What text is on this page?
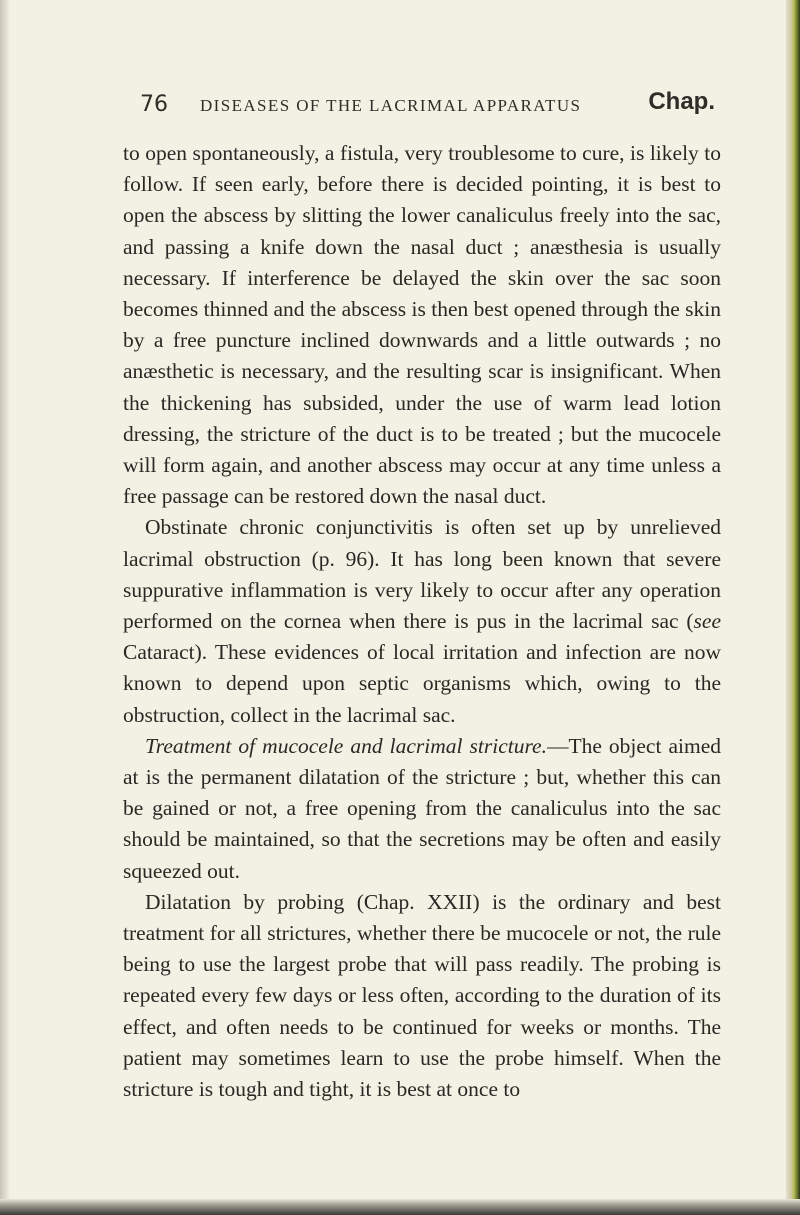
76 DISEASES OF THE LACRIMAL APPARATUS	Chap.

to open spontaneously, a fistula, very troublesome to cure, is likely to follow. If seen early, before there is decided pointing, it is best to open the abscess by slitting the lower canaliculus freely into the sac, and passing a knife down the nasal duct ; anæsthesia is usually necessary. If interference be delayed the skin over the sac soon becomes thinned and the abscess is then best opened through the skin by a free puncture inclined downwards and a little outwards ; no anæsthetic is necessary, and the resulting scar is insignificant. When the thickening has subsided, under the use of warm lead lotion dressing, the stricture of the duct is to be treated ; but the mucocele will form again, and another abscess may occur at any time unless a free passage can be restored down the nasal duct.

Obstinate chronic conjunctivitis is often set up by unrelieved lacrimal obstruction (p. 96). It has long been known that severe suppurative inflammation is very likely to occur after any operation performed on the cornea when there is pus in the lacrimal sac (see Cataract). These evidences of local irritation and infection are now known to depend upon septic organisms which, owing to the obstruction, collect in the lacrimal sac.

Treatment of mucocele and lacrimal stricture.—The object aimed at is the permanent dilatation of the stricture ; but, whether this can be gained or not, a free opening from the canaliculus into the sac should be maintained, so that the secretions may be often and easily squeezed out.

Dilatation by probing (Chap. XXII) is the ordinary and best treatment for all strictures, whether there be mucocele or not, the rule being to use the largest probe that will pass readily. The probing is repeated every few days or less often, according to the duration of its effect, and often needs to be continued for weeks or months. The patient may sometimes learn to use the probe himself. When the stricture is tough and tight, it is best at once to
